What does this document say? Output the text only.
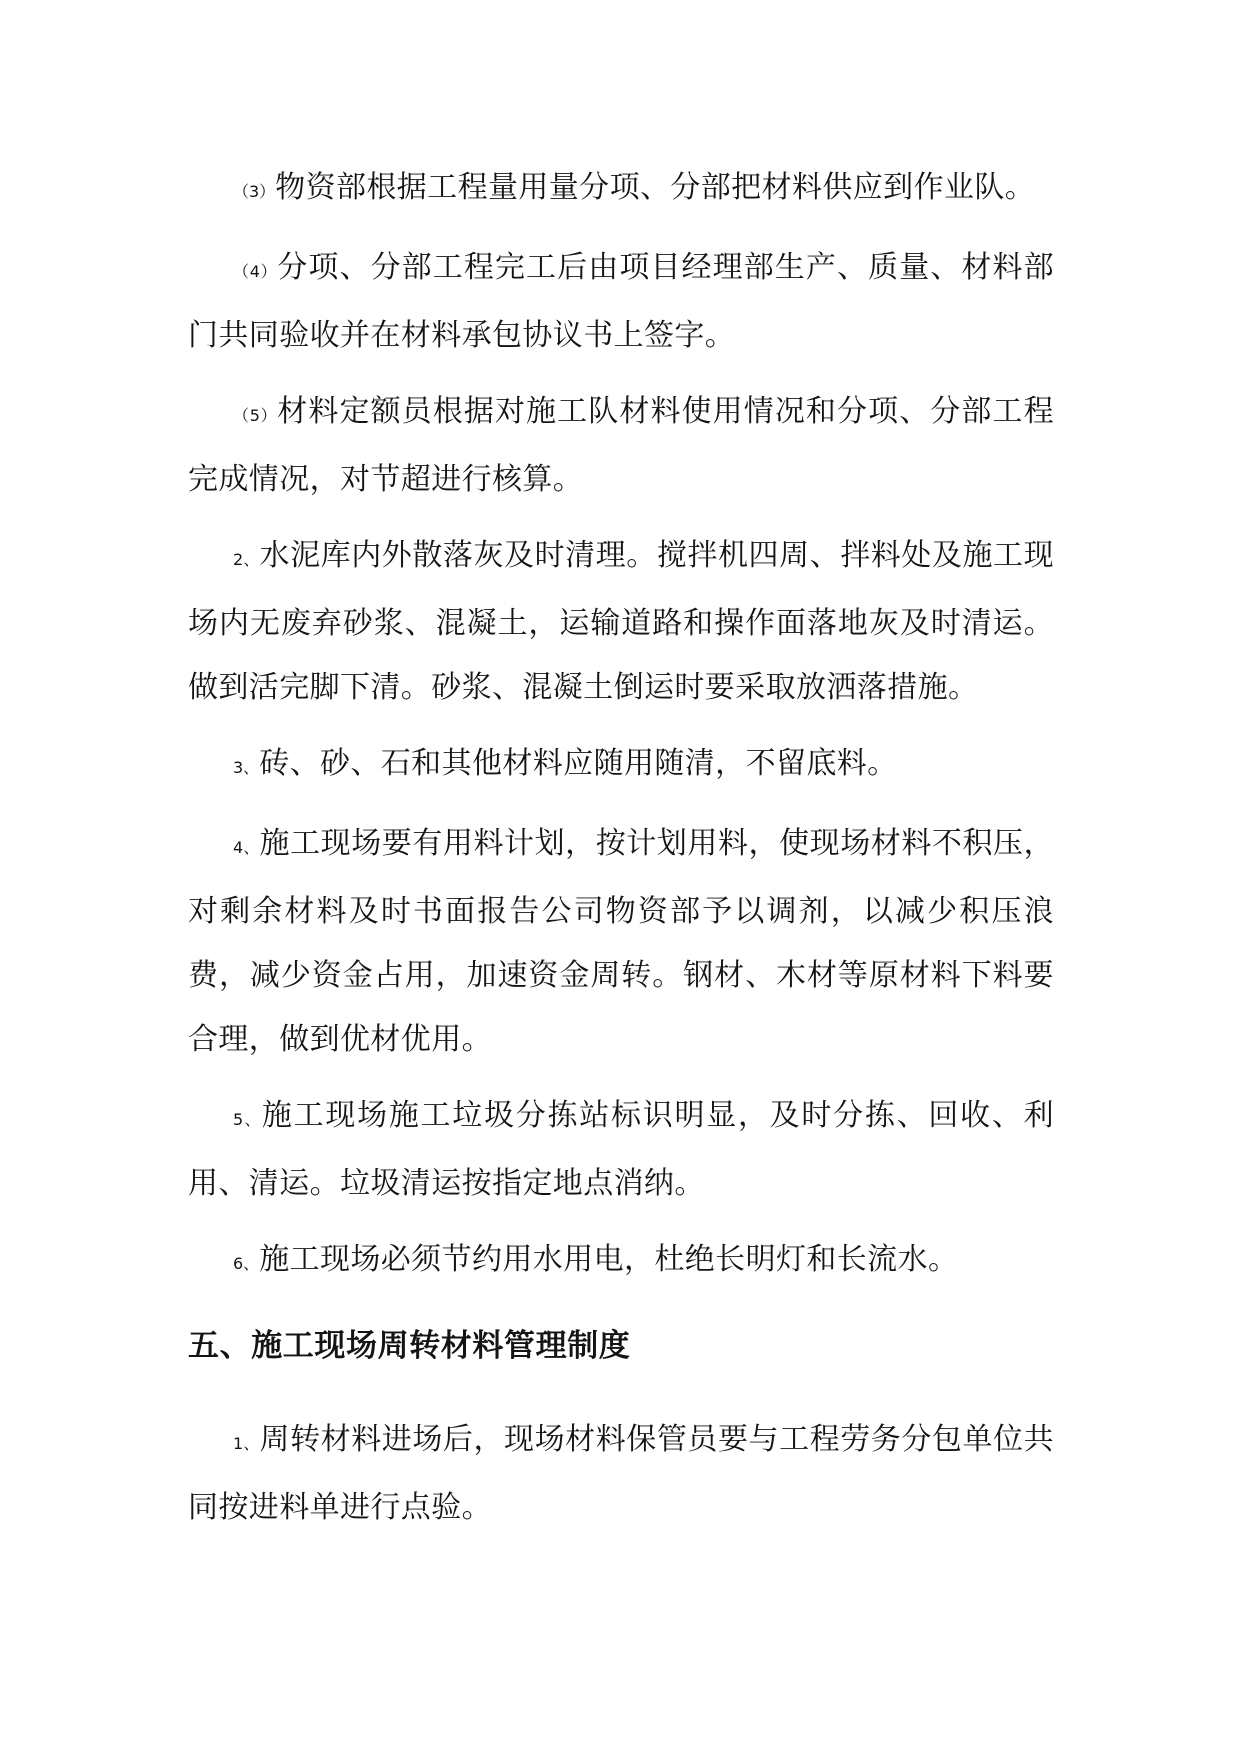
（3）物资部根据工程量用量分项、分部把材料供应到作业队。

（4）分项、分部工程完工后由项目经理部生产、质量、材料部门共同验收并在材料承包协议书上签字。

（5）材料定额员根据对施工队材料使用情况和分项、分部工程完成情况，对节超进行核算。

2、水泥库内外散落灰及时清理。搅拌机四周、拌料处及施工现场内无废弃砂浆、混凝土，运输道路和操作面落地灰及时清运。做到活完脚下清。砂浆、混凝土倒运时要采取放洒落措施。

3、砖、砂、石和其他材料应随用随清，不留底料。

4、施工现场要有用料计划，按计划用料，使现场材料不积压，对剩余材料及时书面报告公司物资部予以调剂，以减少积压浪费，减少资金占用，加速资金周转。钢材、木材等原材料下料要合理，做到优材优用。

5、施工现场施工垃圾分拣站标识明显，及时分拣、回收、利用、清运。垃圾清运按指定地点消纳。

6、施工现场必须节约用水用电，杜绝长明灯和长流水。

五、施工现场周转材料管理制度

1、周转材料进场后，现场材料保管员要与工程劳务分包单位共同按进料单进行点验。
